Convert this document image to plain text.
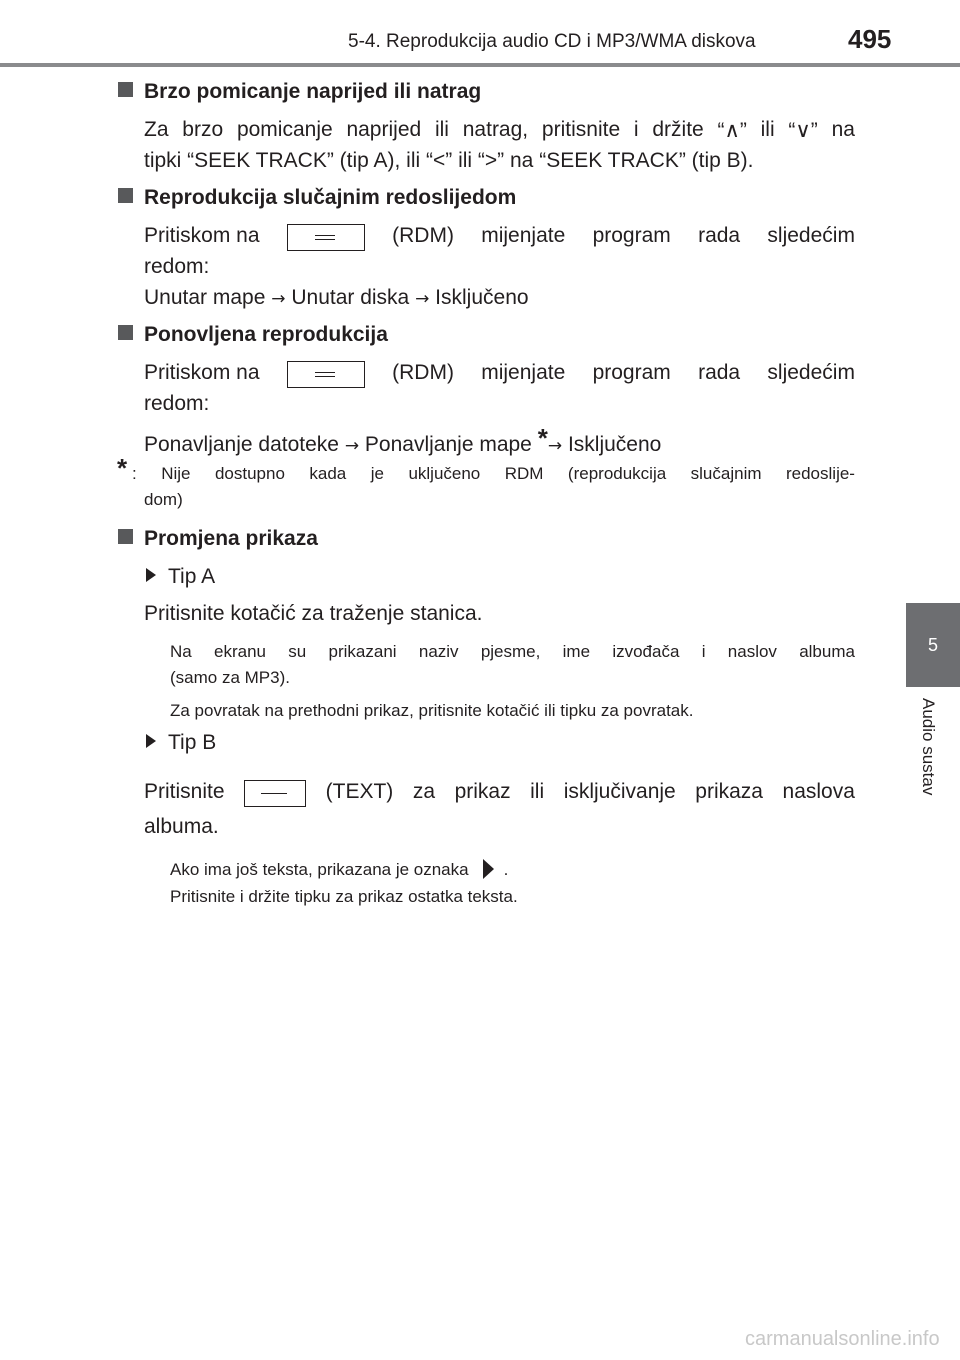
5-4. Reprodukcija audio CD i MP3/WMA diskova	495
5
Audio sustav
Brzo pomicanje naprijed ili natrag
Za brzo pomicanje naprijed ili natrag, pritisnite i držite “∧” ili “∨” na
tipki “SEEK TRACK” (tip A), ili “<” ili “>” na “SEEK TRACK” (tip B).
Reprodukcija slučajnim redoslijedom
Pritiskom na	(RDM) mijenjate program rada sljedećim
redom:
Unutar mape → Unutar diska → Isključeno
Ponovljena reprodukcija
Pritiskom na	(RDM) mijenjate program rada sljedećim
redom:
Ponavljanje datoteke → Ponavljanje mape *→ Isključeno
* : Nije dostupno kada je uključeno RDM (reprodukcija slučajnim redoslije-
dom)
Promjena prikaza
Tip A
Pritisnite kotačić za traženje stanica.
Na ekranu su prikazani naziv pjesme, ime izvođača i naslov albuma
(samo za MP3).
Za povratak na prethodni prikaz, pritisnite kotačić ili tipku za povratak.
Tip B
Pritisnite	(TEXT) za prikaz ili isključivanje prikaza naslova
albuma.
Ako ima još teksta, prikazana je oznaka .
Pritisnite i držite tipku za prikaz ostatka teksta.
carmanualsonline.info
